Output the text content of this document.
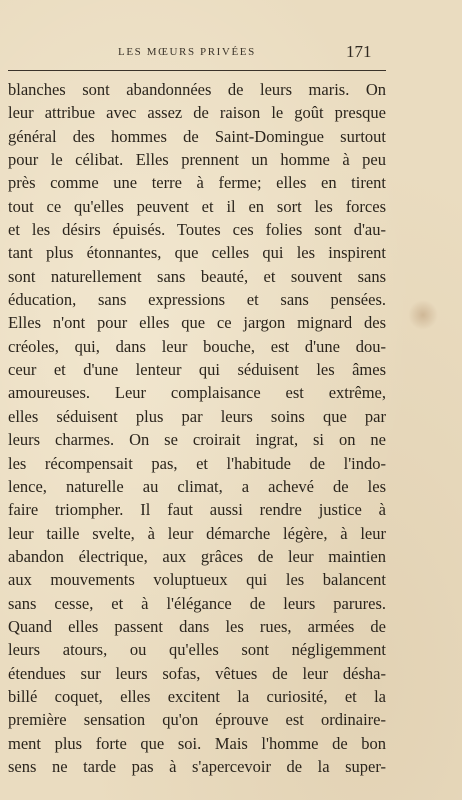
LES MŒURS PRIVÉES	171
blanches sont abandonnées de leurs maris. On
leur attribue avec assez de raison le goût presque
général des hommes de Saint-Domingue surtout
pour le célibat. Elles prennent un homme à peu
près comme une terre à ferme; elles en tirent
tout ce qu'elles peuvent et il en sort les forces
et les désirs épuisés. Toutes ces folies sont d'au-
tant plus étonnantes, que celles qui les inspirent
sont naturellement sans beauté, et souvent sans
éducation, sans expressions et sans pensées.
Elles n'ont pour elles que ce jargon mignard des
créoles, qui, dans leur bouche, est d'une dou-
ceur et d'une lenteur qui séduisent les âmes
amoureuses. Leur complaisance est extrême,
elles séduisent plus par leurs soins que par
leurs charmes. On se croirait ingrat, si on ne
les récompensait pas, et l'habitude de l'indo-
lence, naturelle au climat, a achevé de les
faire triompher. Il faut aussi rendre justice à
leur taille svelte, à leur démarche légère, à leur
abandon électrique, aux grâces de leur maintien
aux mouvements voluptueux qui les balancent
sans cesse, et à l'élégance de leurs parures.
Quand elles passent dans les rues, armées de
leurs atours, ou qu'elles sont négligemment
étendues sur leurs sofas, vêtues de leur désha-
billé coquet, elles excitent la curiosité, et la
première sensation qu'on éprouve est ordinaire-
ment plus forte que soi. Mais l'homme de bon
sens ne tarde pas à s'apercevoir de la super-
